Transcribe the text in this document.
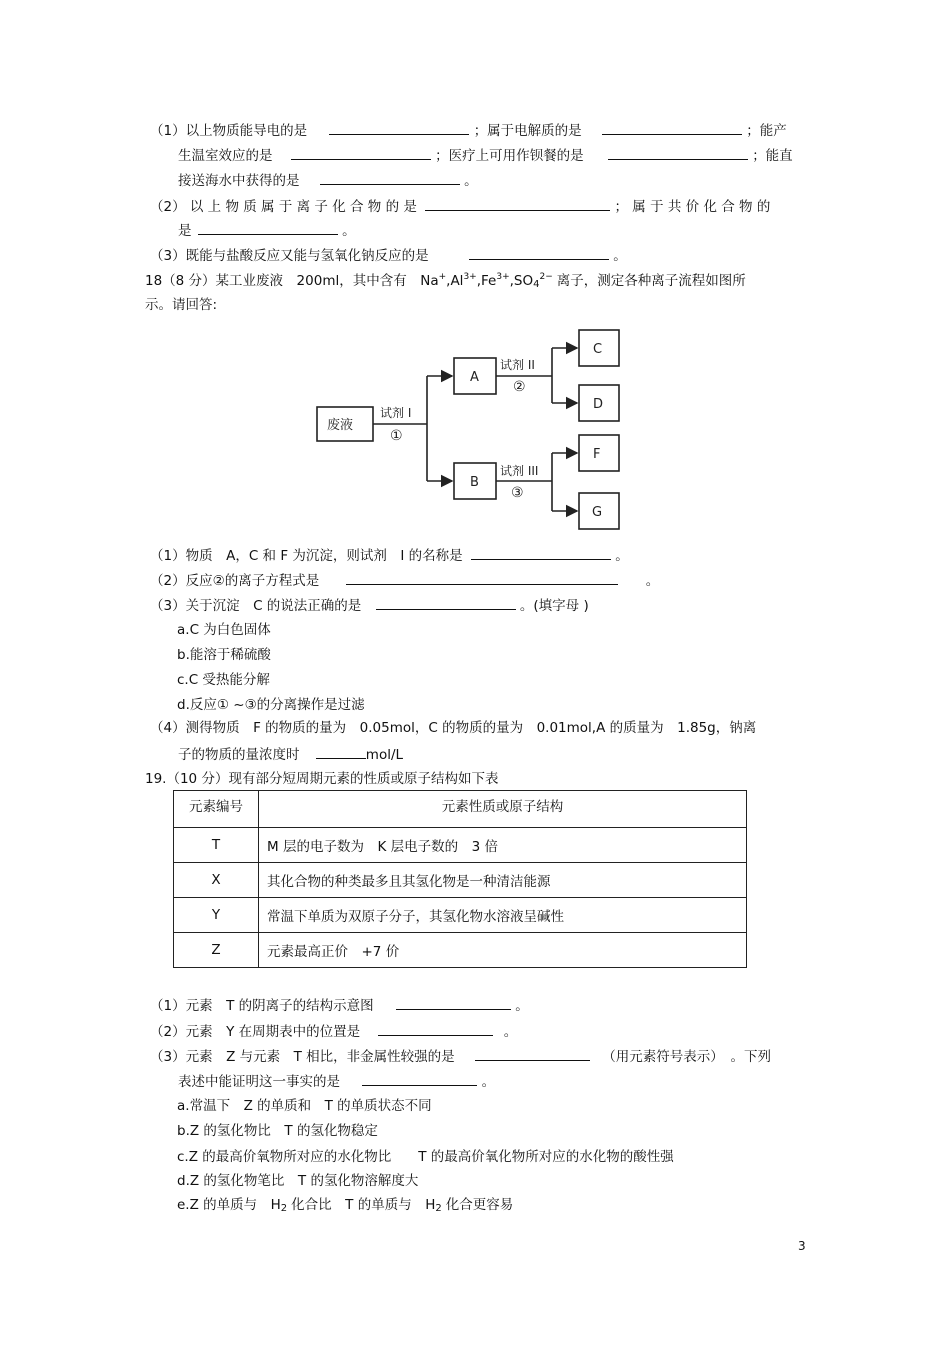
（1）以上物质能导电的是	；属于电解质的是	；能产
生温室效应的是	；医疗上可用作钡餐的是	；能直
接送海水中获得的是	。
（2） 以 上 物 质 属 于 离 子 化 合 物 的 是	； 属 于 共 价 化 合 物 的
是	。
（3）既能与盐酸反应又能与氢氧化钠反应的是	。
18（8 分）某工业废液　200ml，其中含有　$Na^+,Al^{3+},Fe^{3+},SO_4^{2-}$ 离子，测定各种离子流程如图所
示。请回答:
废液
试剂 I
①
A
B
试剂 II
②
试剂 III
③
C
D
F
G
（1）物质　A，C 和 F 为沉淀，则试剂　I 的名称是	。
（2）反应②的离子方程式是	。
（3）关于沉淀　C 的说法正确的是	。(填字母 )
a.C 为白色固体
b.能溶于稀硫酸
c.C 受热能分解
d.反应① ~③的分离操作是过滤
（4）测得物质　F 的物质的量为　0.05mol，C 的物质的量为　0.01mol,A 的质量为　1.85g，钠离
子的物质的量浓度时	mol/L
19.（10 分）现有部分短周期元素的性质或原子结构如下表
元素编号	元素性质或原子结构
T	M 层的电子数为　K 层电子数的　3 倍
X	其化合物的种类最多且其氢化物是一种清洁能源
Y	常温下单质为双原子分子，其氢化物水溶液呈碱性
Z	元素最高正价　+7 价
（1）元素　T 的阴离子的结构示意图	。
（2）元素　Y 在周期表中的位置是	。
（3）元素　Z 与元素　T 相比，非金属性较强的是	（用元素符号表示）　。下列
表述中能证明这一事实的是	。
a.常温下　Z 的单质和　T 的单质状态不同
b.Z 的氢化物比　T 的氢化物稳定
c.Z 的最高价氧物所对应的水化物比　　T 的最高价氧化物所对应的水化物的酸性强
d.Z 的氢化物笔比　T 的氢化物溶解度大
e.Z 的单质与　$H_2$ 化合比　T 的单质与　$H_2$ 化合更容易
3
